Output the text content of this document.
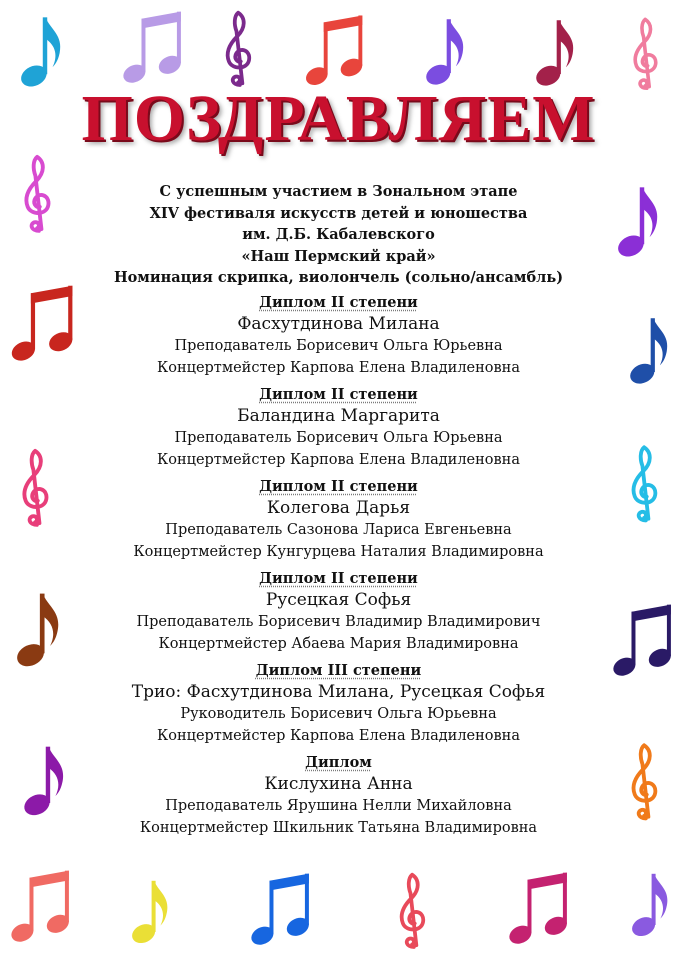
ПОЗДРАВЛЯЕМ
С успешным участием в Зональном этапе
XIV фестиваля искусств детей и юношества
им. Д.Б. Кабалевского
«Наш Пермский край»
Номинация скрипка, виолончель (сольно/ансамбль)
Диплом II степени
Фасхутдинова Милана
Преподаватель Борисевич Ольга Юрьевна
Концертмейстер Карпова Елена Владиленовна
Диплом II степени
Баландина Маргарита
Преподаватель Борисевич Ольга Юрьевна
Концертмейстер Карпова Елена Владиленовна
Диплом II степени
Колегова Дарья
Преподаватель Сазонова Лариса Евгеньевна
Концертмейстер Кунгурцева Наталия Владимировна
Диплом II степени
Русецкая Софья
Преподаватель Борисевич Владимир Владимирович
Концертмейстер Абаева Мария Владимировна
Диплом III степени
Трио: Фасхутдинова Милана, Русецкая Софья
Руководитель Борисевич Ольга Юрьевна
Концертмейстер Карпова Елена Владиленовна
Диплом
Кислухина Анна
Преподаватель Ярушина Нелли Михайловна
Концертмейстер Шкильник Татьяна Владимировна
